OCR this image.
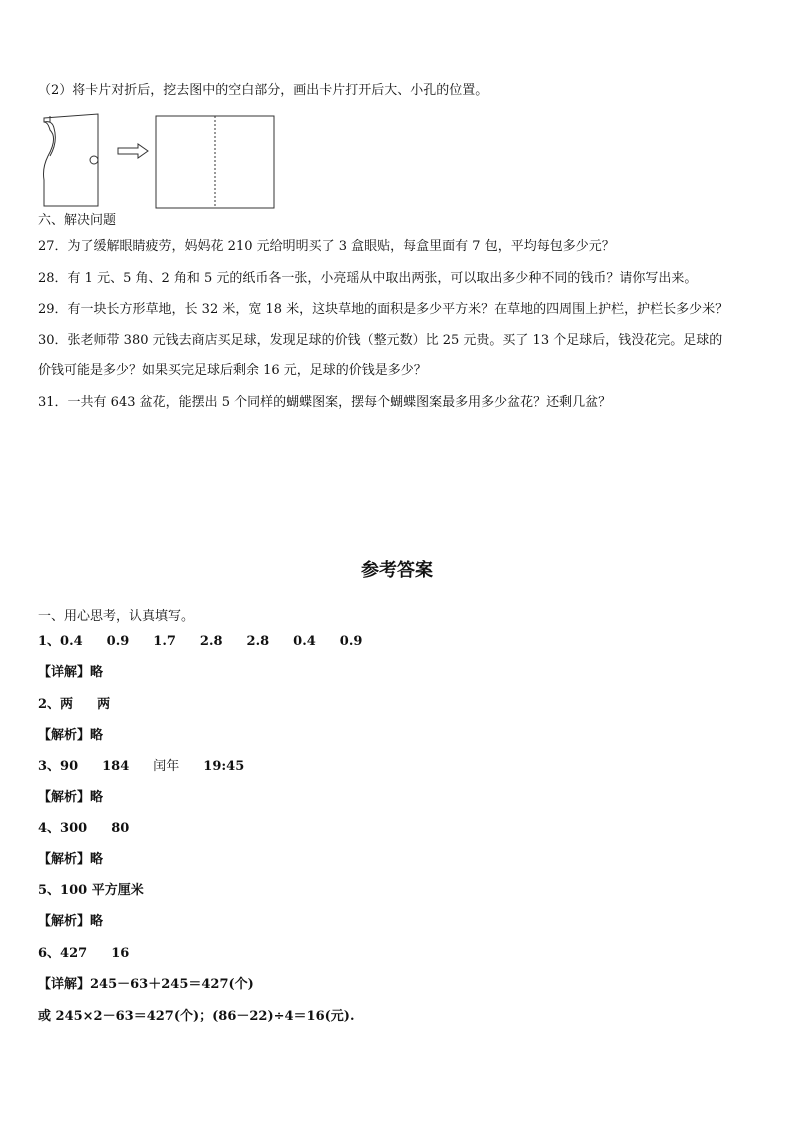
（2）将卡片对折后，挖去图中的空白部分，画出卡片打开后大、小孔的位置。
六、解决问题
27．为了缓解眼睛疲劳，妈妈花 210 元给明明买了 3 盒眼贴，每盒里面有 7 包，平均每包多少元？
28．有 1 元、5 角、2 角和 5 元的纸币各一张，小亮瑶从中取出两张，可以取出多少种不同的钱币？请你写出来。
29．有一块长方形草地，长 32 米，宽 18 米，这块草地的面积是多少平方米？在草地的四周围上护栏，护栏长多少米？
30．张老师带 380 元钱去商店买足球，发现足球的价钱（整元数）比 25 元贵。买了 13 个足球后，钱没花完。足球的
价钱可能是多少？如果买完足球后剩余 16 元，足球的价钱是多少？
31．一共有 643 盆花，能摆出 5 个同样的蝴蝶图案，摆每个蝴蝶图案最多用多少盆花？还剩几盆？
参考答案
一、用心思考，认真填写。
1、0.4 0.9 1.7 2.8 2.8 0.4 0.9
【详解】略
2、两 两
【解析】略
3、90 184 闰年 19:45
【解析】略
4、300 80
【解析】略
5、100 平方厘米
【解析】略
6、427 16
【详解】245－63＋245＝427(个)
或 245×2－63＝427(个)；(86－22)÷4＝16(元).
